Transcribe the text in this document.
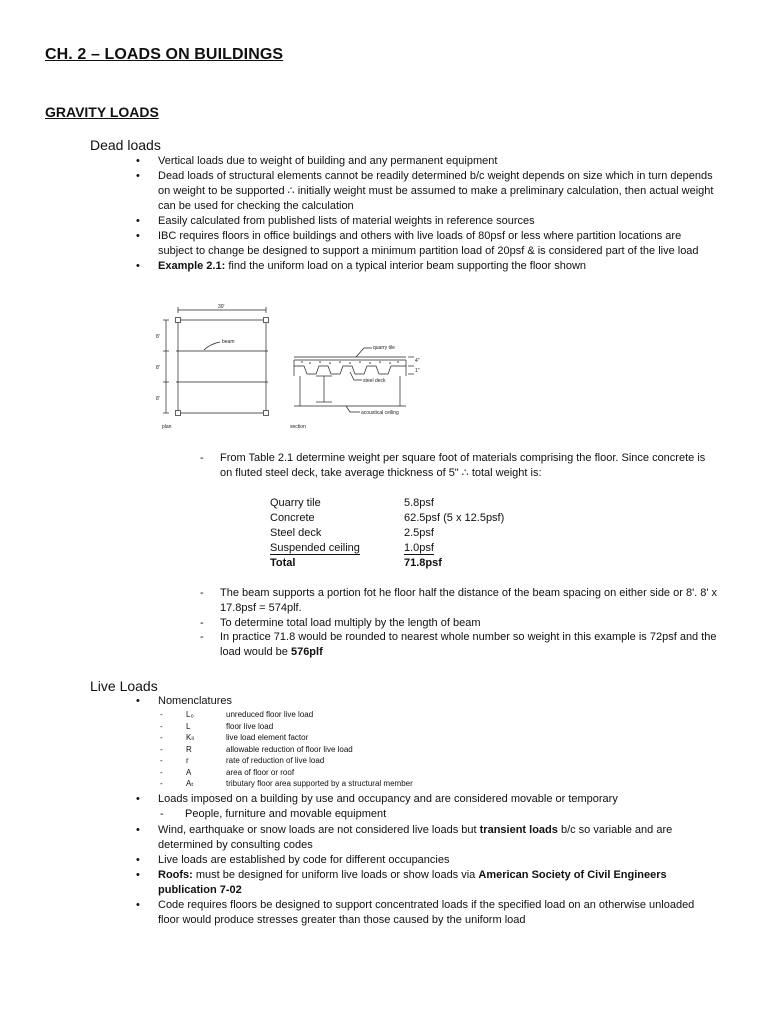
CH. 2 – LOADS ON BUILDINGS
GRAVITY LOADS
Dead loads
• Vertical loads due to weight of building and any permanent equipment
• Dead loads of structural elements cannot be readily determined b/c weight depends on size which in turn depends on weight to be supported ∴ initially weight must be assumed to make a preliminary calculation, then actual weight can be used for checking the calculation
• Easily calculated from published lists of material weights in reference sources
• IBC requires floors in office buildings and others with live loads of 80psf or less where partition locations are subject to change be designed to support a minimum partition load of 20psf & is considered part of the live load
• Example 2.1: find the uniform load on a typical interior beam supporting the floor shown
30'
8'
8'
8'
beam
plan
quarry tile
steel deck
acoustical ceiling
section
4"
1"
-	From Table 2.1 determine weight per square foot of materials comprising the floor. Since concrete is on fluted steel deck, take average thickness of 5" ∴ total weight is:
Quarry tile	5.8psf
Concrete	62.5psf (5 x 12.5psf)
Steel deck	2.5psf
Suspended ceiling	1.0psf
Total	71.8psf
-	The beam supports a portion fot he floor half the distance of the beam spacing on either side or 8'. 8' x 17.8psf = 574plf.
-	To determine total load multiply by the length of beam
-	In practice 71.8 would be rounded to nearest whole number so weight in this example is 72psf and the load would be 576plf
Live Loads
• Nomenclatures
-	L₀	unreduced floor live load
-	L	floor live load
-	Kₗₗ	live load element factor
-	R	allowable reduction of floor live load
-	r	rate of reduction of live load
-	A	area of floor or roof
-	Aₜ	tributary floor area supported by a structural member
• Loads imposed on a building by use and occupancy and are considered movable or temporary
-	People, furniture and movable equipment
• Wind, earthquake or snow loads are not considered live loads but transient loads b/c so variable and are determined by consulting codes
• Live loads are established by code for different occupancies
• Roofs: must be designed for uniform live loads or show loads via American Society of Civil Engineers publication 7-02
• Code requires floors be designed to support concentrated loads if the specified load on an otherwise unloaded floor would produce stresses greater than those caused by the uniform load
